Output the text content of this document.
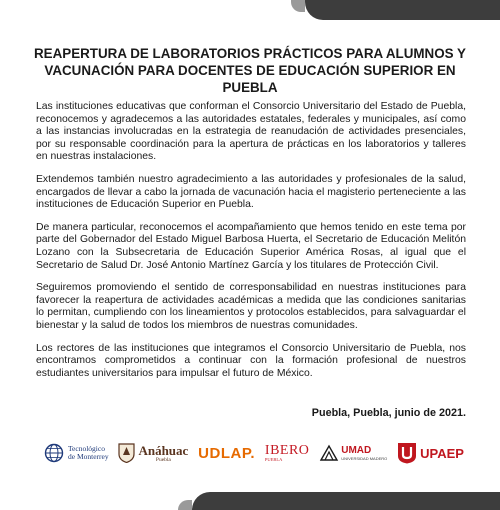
REAPERTURA DE LABORATORIOS PRÁCTICOS PARA ALUMNOS Y
VACUNACIÓN PARA DOCENTES DE EDUCACIÓN SUPERIOR EN PUEBLA

Las instituciones educativas que conforman el Consorcio Universitario del Estado de Puebla, reconocemos y agradecemos a las autoridades estatales, federales y municipales, así como a las instancias involucradas en la estrategia de reanudación de actividades presenciales, por su responsable coordinación para la apertura de prácticas en los laboratorios y talleres en nuestras instalaciones.

Extendemos también nuestro agradecimiento a las autoridades y profesionales de la salud, encargados de llevar a cabo la jornada de vacunación hacia el magisterio perteneciente a las instituciones de Educación Superior en Puebla.

De manera particular, reconocemos el acompañamiento que hemos tenido en este tema por parte del Gobernador del Estado Miguel Barbosa Huerta, el Secretario de Educación Melitón Lozano con la Subsecretaria de Educación Superior América Rosas, al igual que el Secretario de Salud Dr. José Antonio Martínez García y los titulares de Protección Civil.

Seguiremos promoviendo el sentido de corresponsabilidad en nuestras instituciones para favorecer la reapertura de actividades académicas a medida que las condiciones sanitarias lo permitan, cumpliendo con los lineamientos y protocolos establecidos, para salvaguardar el bienestar y la salud de todos los miembros de nuestras comunidades.

Los rectores de las instituciones que integramos el Consorcio Universitario de Puebla, nos encontramos comprometidos a continuar con la formación profesional de nuestros estudiantes universitarios para impulsar el futuro de México.

Puebla, Puebla, junio de 2021.

Tecnológico
de Monterrey Anáhuac
Puebla	UDLAP. IBERO
PUEBLA
UMAD
UNIVERSIDAD MADERO	UPAEP
